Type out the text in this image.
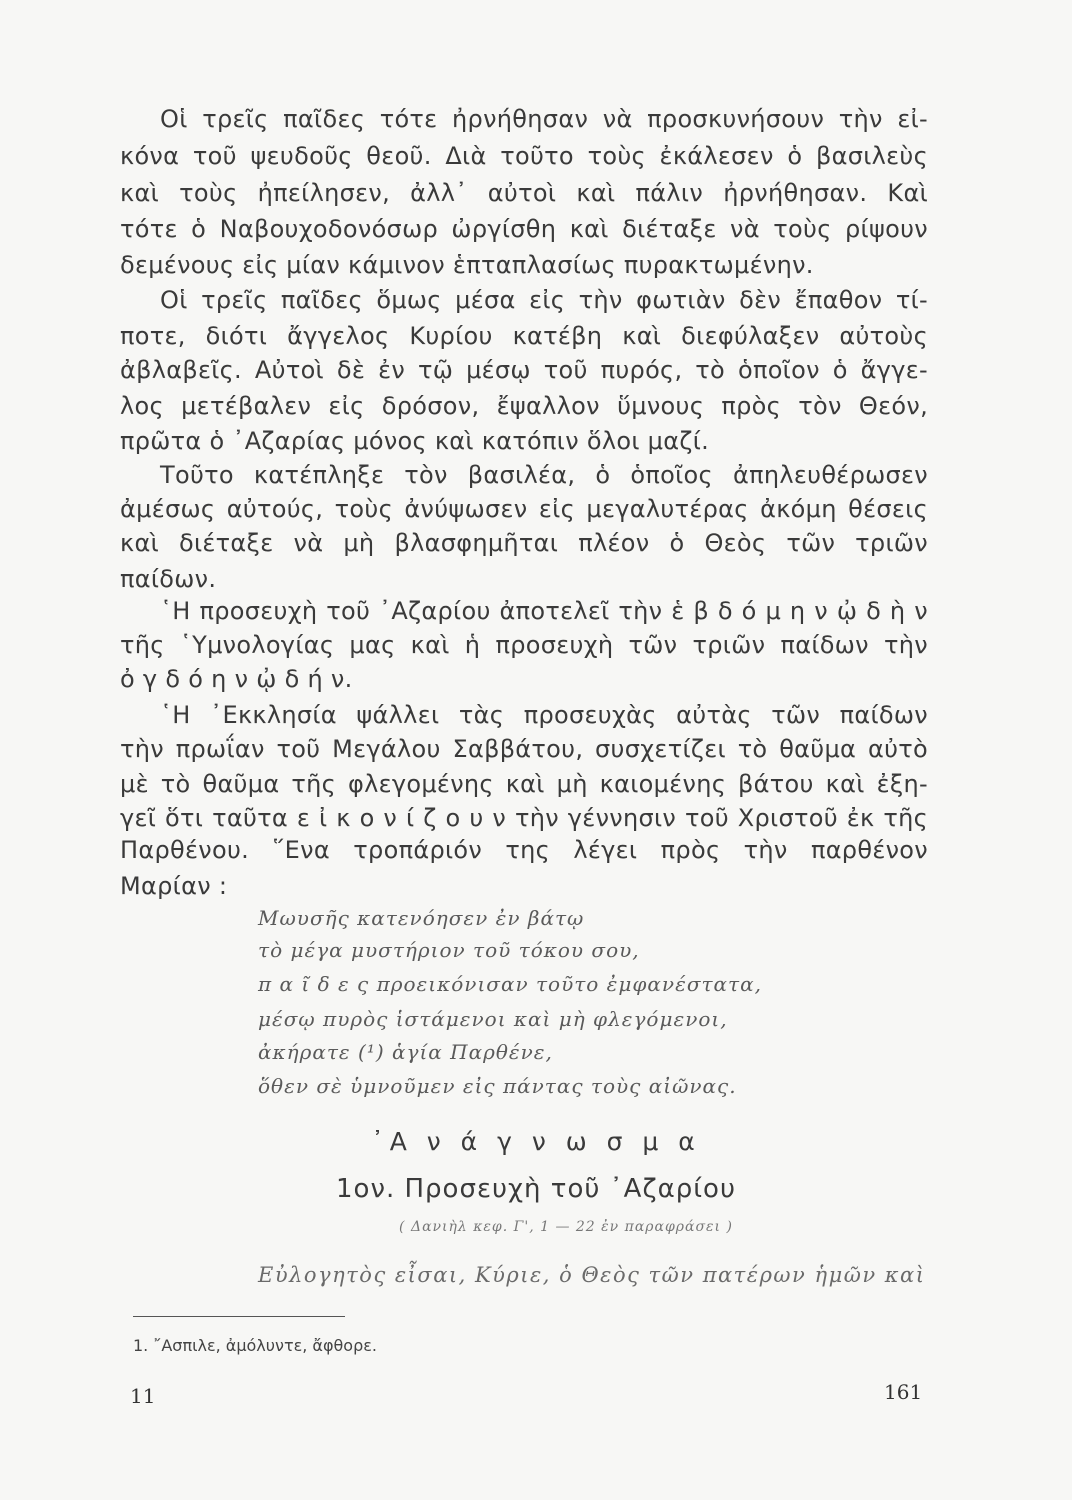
Οἱ τρεῖς παῖδες τότε ἠρνήθησαν νὰ προσκυνήσουν τὴν εἰ-
κόνα τοῦ ψευδοῦς θεοῦ. Διὰ τοῦτο τοὺς ἐκάλεσεν ὁ βασιλεὺς
καὶ τοὺς ἠπείλησεν, ἀλλ᾽ αὐτοὶ καὶ πάλιν ἠρνήθησαν. Καὶ
τότε ὁ Ναβουχοδονόσωρ ὠργίσθη καὶ διέταξε νὰ τοὺς ρίψουν
δεμένους εἰς μίαν κάμινον ἑπταπλασίως πυρακτωμένην.
Οἱ τρεῖς παῖδες ὅμως μέσα εἰς τὴν φωτιὰν δὲν ἔπαθον τί-
ποτε, διότι ἄγγελος Κυρίου κατέβη καὶ διεφύλαξεν αὐτοὺς
ἀβλαβεῖς. Αὐτοὶ δὲ ἐν τῷ μέσῳ τοῦ πυρός, τὸ ὁποῖον ὁ ἄγγε-
λος μετέβαλεν εἰς δρόσον, ἔψαλλον ὕμνους πρὸς τὸν Θεόν,
πρῶτα ὁ ᾽Αζαρίας μόνος καὶ κατόπιν ὅλοι μαζί.
Τοῦτο κατέπληξε τὸν βασιλέα, ὁ ὁποῖος ἀπηλευθέρωσεν
ἀμέσως αὐτούς, τοὺς ἀνύψωσεν εἰς μεγαλυτέρας ἀκόμη θέσεις
καὶ διέταξε νὰ μὴ βλασφημῆται πλέον ὁ Θεὸς τῶν τριῶν
παίδων.
῾Η προσευχὴ τοῦ ᾽Αζαρίου ἀποτελεῖ τὴν ἑ β δ ό μ η ν ᾠ δ ὴ ν
τῆς ῾Υμνολογίας μας καὶ ἡ προσευχὴ τῶν τριῶν παίδων τὴν
ὀ γ δ ό η ν ᾠ δ ή ν.
῾Η ᾽Εκκλησία ψάλλει τὰς προσευχὰς αὐτὰς τῶν παίδων
τὴν πρωΐαν τοῦ Μεγάλου Σαββάτου, συσχετίζει τὸ θαῦμα αὐτὸ
μὲ τὸ θαῦμα τῆς φλεγομένης καὶ μὴ καιομένης βάτου καὶ ἐξη-
γεῖ ὅτι ταῦτα ε ἰ κ ο ν ί ζ ο υ ν τὴν γέννησιν τοῦ Χριστοῦ ἐκ τῆς
Παρθένου. ῞Ενα τροπάριόν της λέγει πρὸς τὴν παρθένον
Μαρίαν :
Μωυσῆς κατενόησεν ἐν βάτῳ
τὸ μέγα μυστήριον τοῦ τόκου σου,
π α ῖ δ ε ς προεικόνισαν τοῦτο ἐμφανέστατα,
μέσῳ πυρὸς ἱστάμενοι καὶ μὴ φλεγόμενοι,
ἀκήρατε (¹) ἁγία Παρθένε,
ὅθεν σὲ ὑμνοῦμεν εἰς πάντας τοὺς αἰῶνας.
᾽Α ν ά γ ν ω σ μ α
1ον. Προσευχὴ τοῦ ᾽Αζαρίου
( Δανιὴλ κεφ. Γ', 1 — 22 ἐν παραφράσει )
Εὐλογητὸς εἶσαι, Κύριε, ὁ Θεὸς τῶν πατέρων ἡμῶν καὶ
1. ῎Ασπιλε, ἀμόλυντε, ἄφθορε.
11	161
